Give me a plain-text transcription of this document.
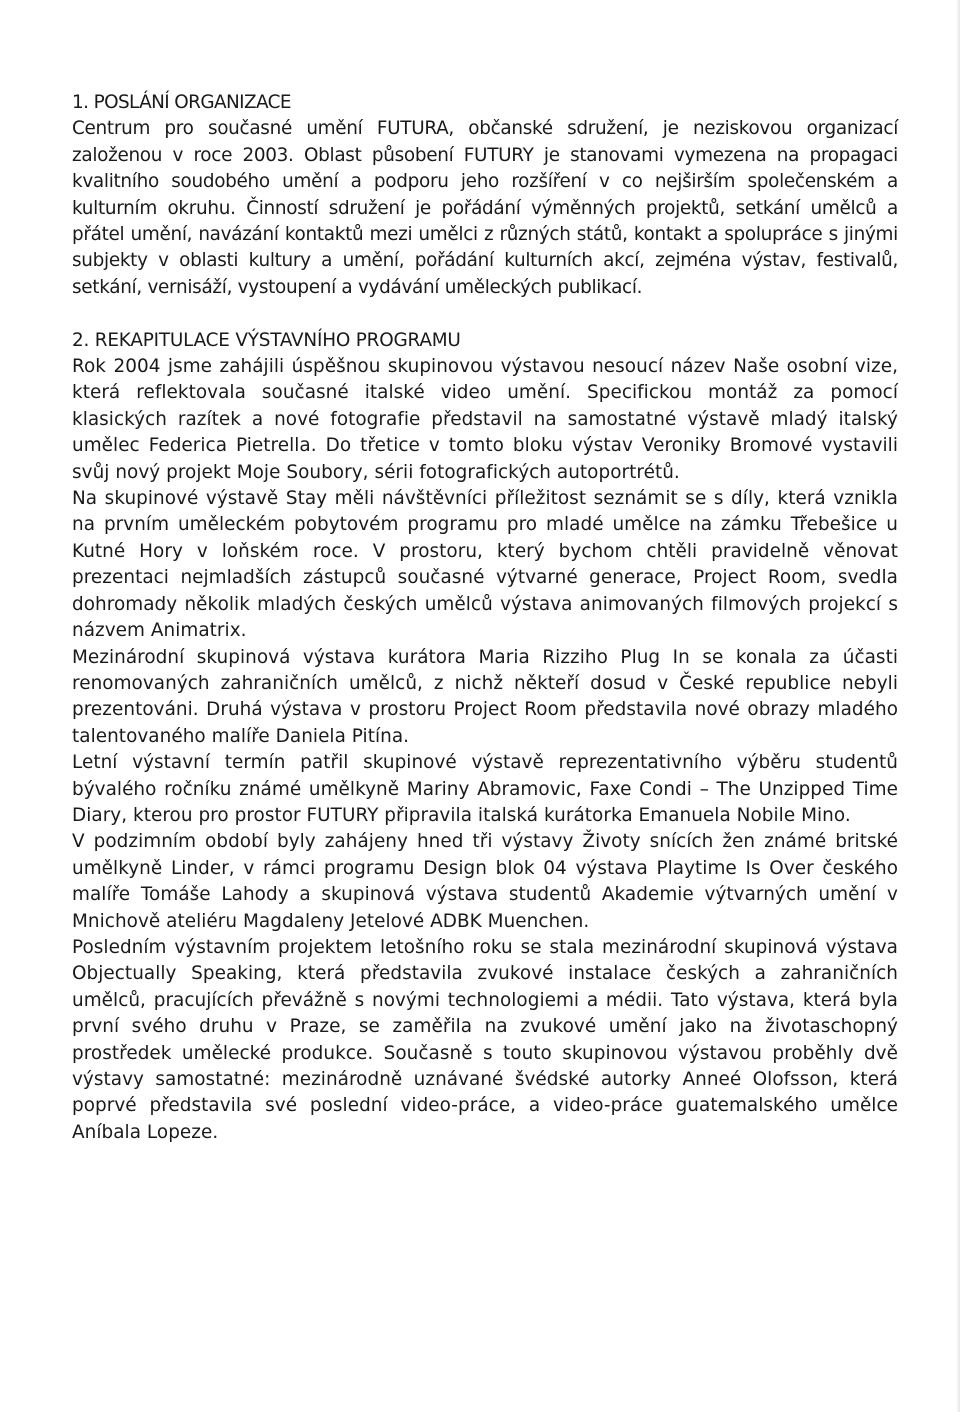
1. POSLÁNÍ ORGANIZACE

Centrum pro současné umění FUTURA, občanské sdružení, je neziskovou organizací založenou v roce 2003. Oblast působení FUTURY je stanovami vymezena na propagaci kvalitního soudobého umění a podporu jeho rozšíření v co nejširším společenském a kulturním okruhu. Činností sdružení je pořádání výměnných projektů, setkání umělců a přátel umění, navázání kontaktů mezi umělci z různých států, kontakt a spolupráce s jinými subjekty v oblasti kultury a umění, pořádání kulturních akcí, zejména výstav, festivalů, setkání, vernisáží, vystoupení a vydávání uměleckých publikací.

2. REKAPITULACE VÝSTAVNÍHO PROGRAMU

Rok 2004 jsme zahájili úspěšnou skupinovou výstavou nesoucí název Naše osobní vize, která reflektovala současné italské video umění. Specifickou montáž za pomocí klasických razítek a nové fotografie představil na samostatné výstavě mladý italský umělec Federica Pietrella. Do třetice v tomto bloku výstav Veroniky Bromové vystavili svůj nový projekt Moje Soubory, sérii fotografických autoportrétů.

Na skupinové výstavě Stay měli návštěvníci příležitost seznámit se s díly, která vznikla na prvním uměleckém pobytovém programu pro mladé umělce na zámku Třebešice u Kutné Hory v loňském roce. V prostoru, který bychom chtěli pravidelně věnovat prezentaci nejmladších zástupců současné výtvarné generace, Project Room, svedla dohromady několik mladých českých umělců výstava animovaných filmových projekcí s názvem Animatrix.

Mezinárodní skupinová výstava kurátora Maria Rizziho Plug In se konala za účasti renomovaných zahraničních umělců, z nichž někteří dosud v České republice nebyli prezentováni. Druhá výstava v prostoru Project Room představila nové obrazy mladého talentovaného malíře Daniela Pitína.

Letní výstavní termín patřil skupinové výstavě reprezentativního výběru studentů bývalého ročníku známé umělkyně Mariny Abramovic, Faxe Condi – The Unzipped Time Diary, kterou pro prostor FUTURY připravila italská kurátorka Emanuela Nobile Mino.

V podzimním období byly zahájeny hned tři výstavy Životy snících žen známé britské umělkyně Linder, v rámci programu Design blok 04 výstava Playtime Is Over českého malíře Tomáše Lahody a skupinová výstava studentů Akademie výtvarných umění v Mnichově ateliéru Magdaleny Jetelové ADBK Muenchen.

Posledním výstavním projektem letošního roku se stala mezinárodní skupinová výstava Objectually Speaking, která představila zvukové instalace českých a zahraničních umělců, pracujících převážně s novými technologiemi a médii. Tato výstava, která byla první svého druhu v Praze, se zaměřila na zvukové umění jako na životaschopný prostředek umělecké produkce. Současně s touto skupinovou výstavou proběhly dvě výstavy samostatné: mezinárodně uznávané švédské autorky Anneé Olofsson, která poprvé představila své poslední video-práce, a video-práce guatemalského umělce Aníbala Lopeze.
